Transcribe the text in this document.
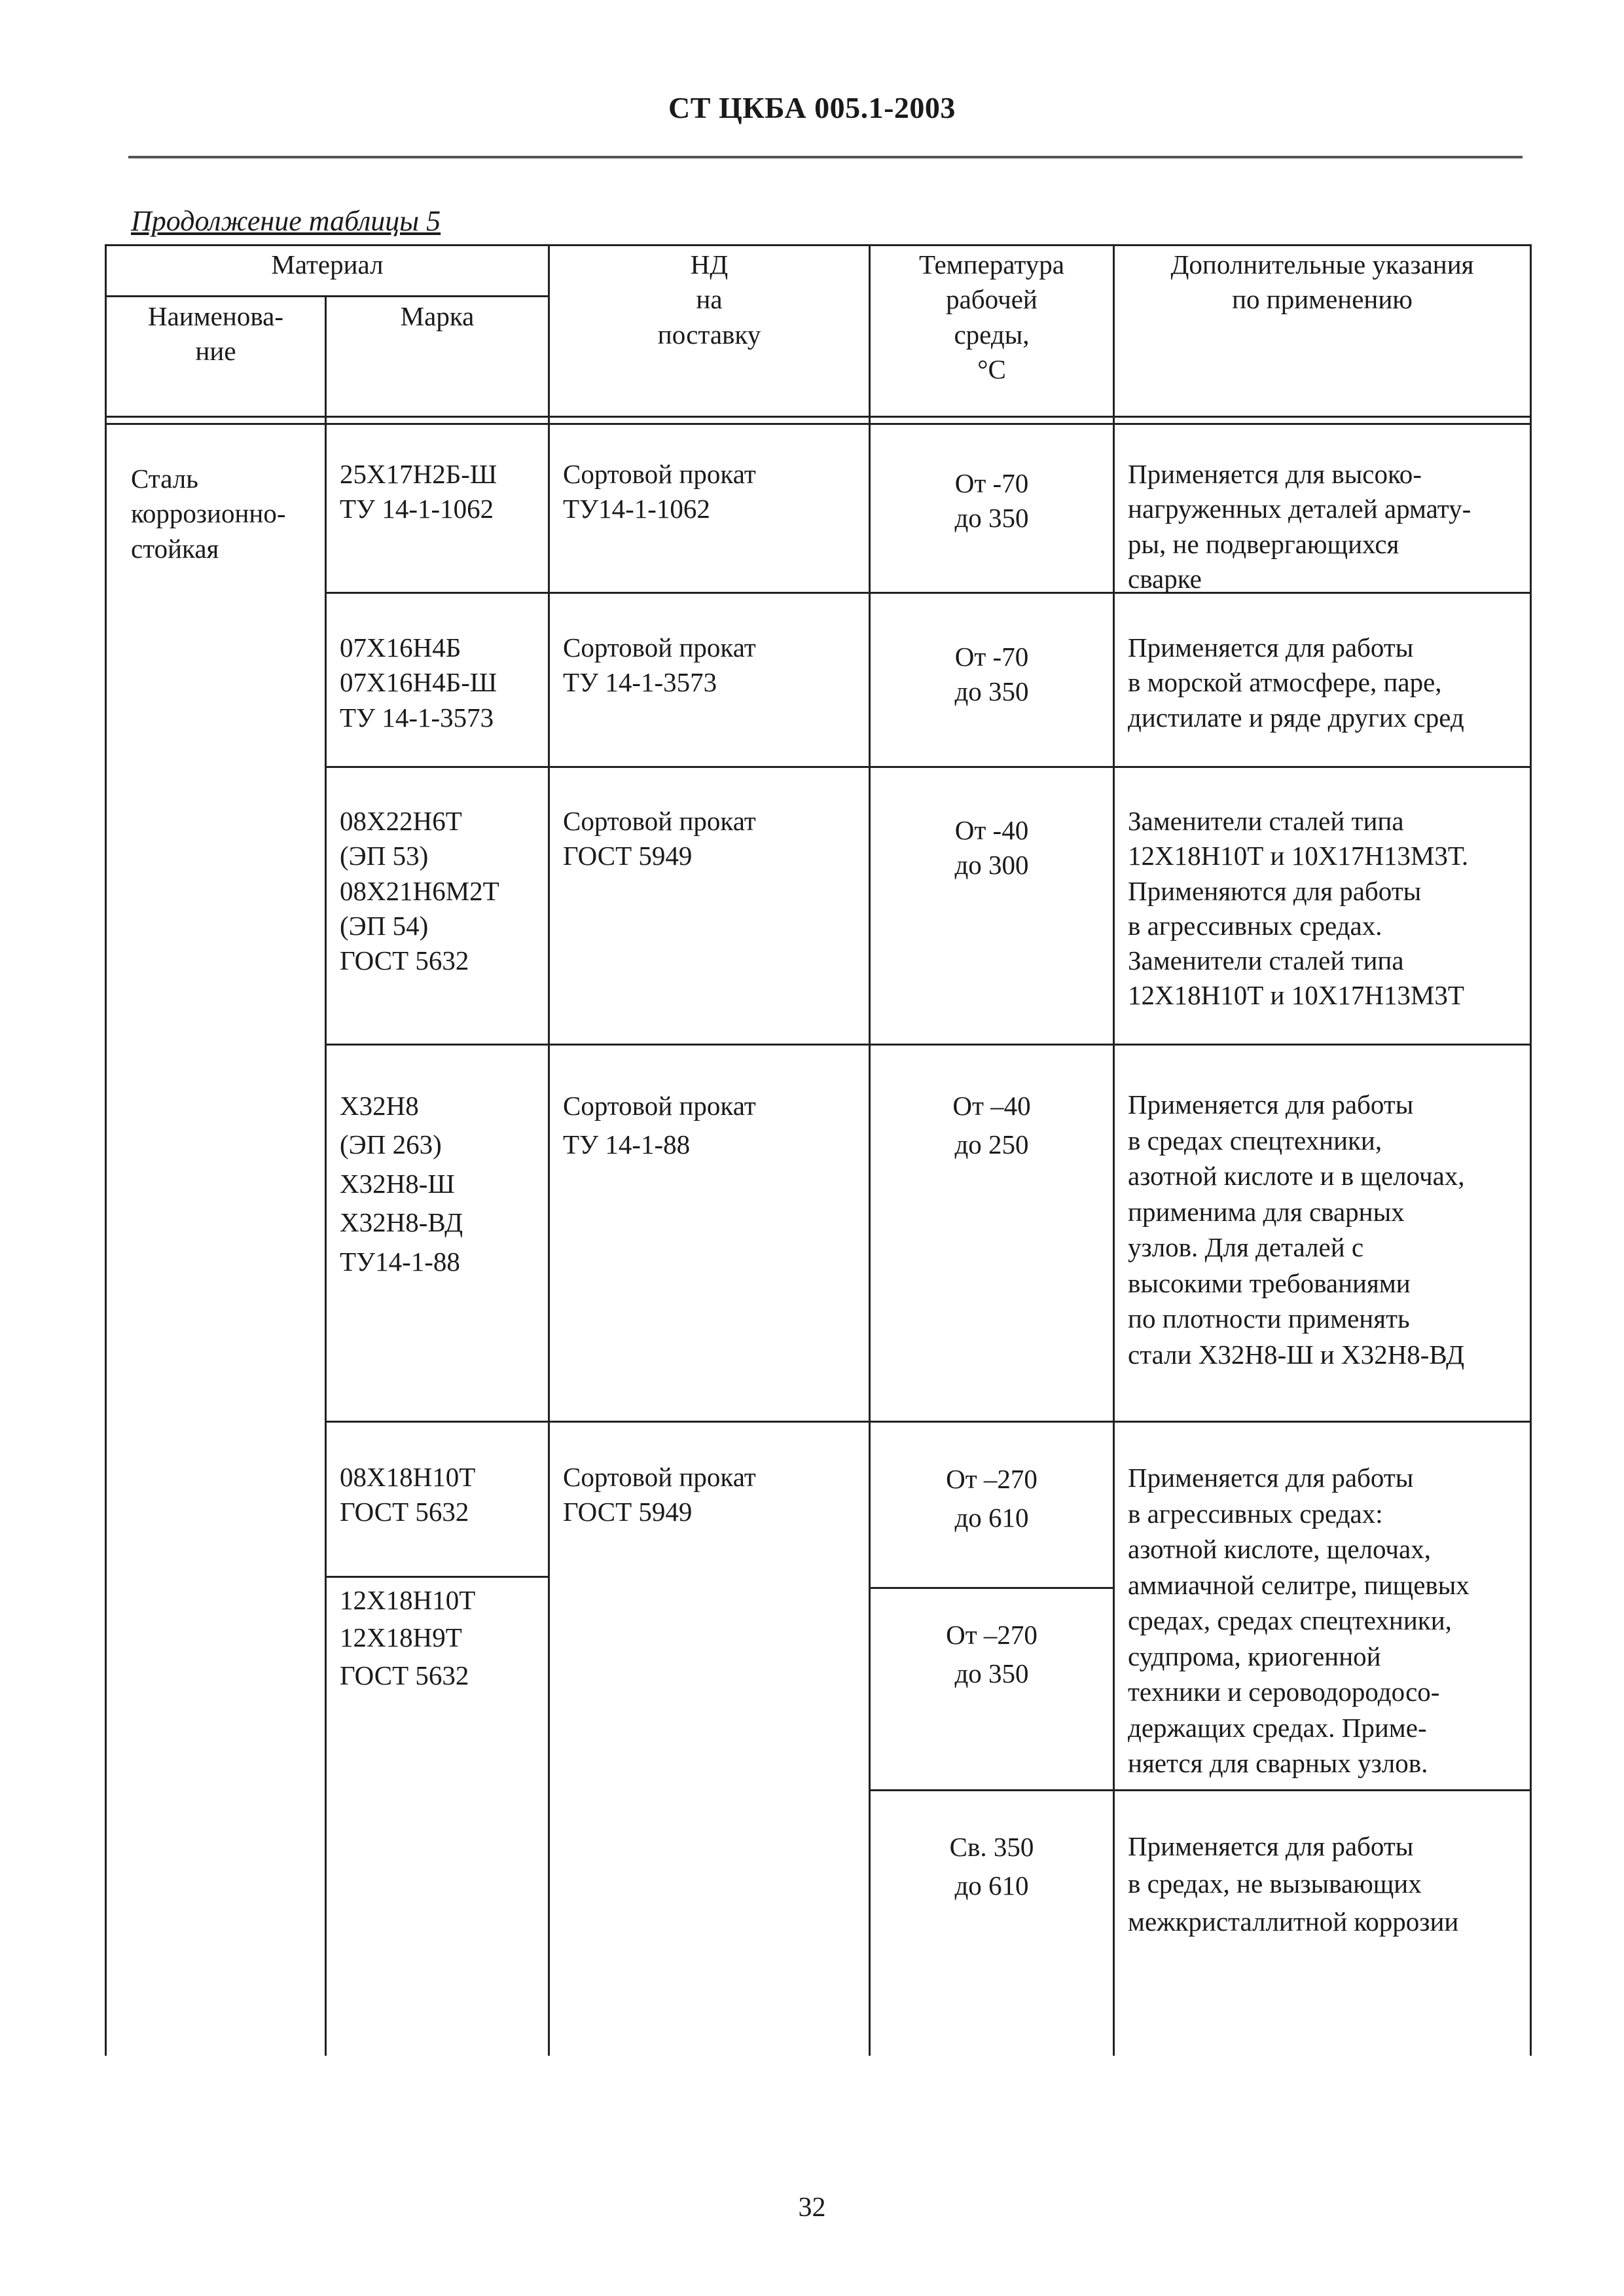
СТ ЦКБА 005.1-2003
Продолжение таблицы 5
Материал
Наименова-
ние
Марка
НД
на
поставку
Температура
рабочей
среды,
°С
Дополнительные указания
по применению
Сталь
коррозионно-
стойкая
25Х17Н2Б-Ш
ТУ 14-1-1062
Сортовой прокат
ТУ14-1-1062
От -70
до 350
Применяется для высоко-
нагруженных деталей армату-
ры, не подвергающихся
сварке
07Х16Н4Б
07Х16Н4Б-Ш
ТУ 14-1-3573
Сортовой прокат
ТУ 14-1-3573
От -70
до 350
Применяется для работы
в морской атмосфере, паре,
дистилате и ряде других сред
08Х22Н6Т
(ЭП 53)
08Х21Н6М2Т
(ЭП 54)
ГОСТ 5632
Сортовой прокат
ГОСТ 5949
От -40
до 300
Заменители сталей типа
12Х18Н10Т и 10Х17Н13М3Т.
Применяются для работы
в агрессивных средах.
Заменители сталей типа
12Х18Н10Т и 10Х17Н13М3Т
Х32Н8
(ЭП 263)
Х32Н8-Ш
Х32Н8-ВД
ТУ14-1-88
Сортовой прокат
ТУ 14-1-88
От –40
до 250
Применяется для работы
в средах спецтехники,
азотной кислоте и в щелочах,
применима для сварных
узлов. Для деталей с
высокими требованиями
по плотности применять
стали Х32Н8-Ш и Х32Н8-ВД
08Х18Н10Т
ГОСТ 5632
12Х18Н10Т
12Х18Н9Т
ГОСТ 5632
Сортовой прокат
ГОСТ 5949
От –270
до 610
От –270
до 350
Св. 350
до 610
Применяется для работы
в агрессивных средах:
азотной кислоте, щелочах,
аммиачной селитре, пищевых
средах, средах спецтехники,
судпрома, криогенной
техники и сероводородосо-
держащих средах. Приме-
няется для сварных узлов.
Применяется для работы
в средах, не вызывающих
межкристаллитной коррозии
32
